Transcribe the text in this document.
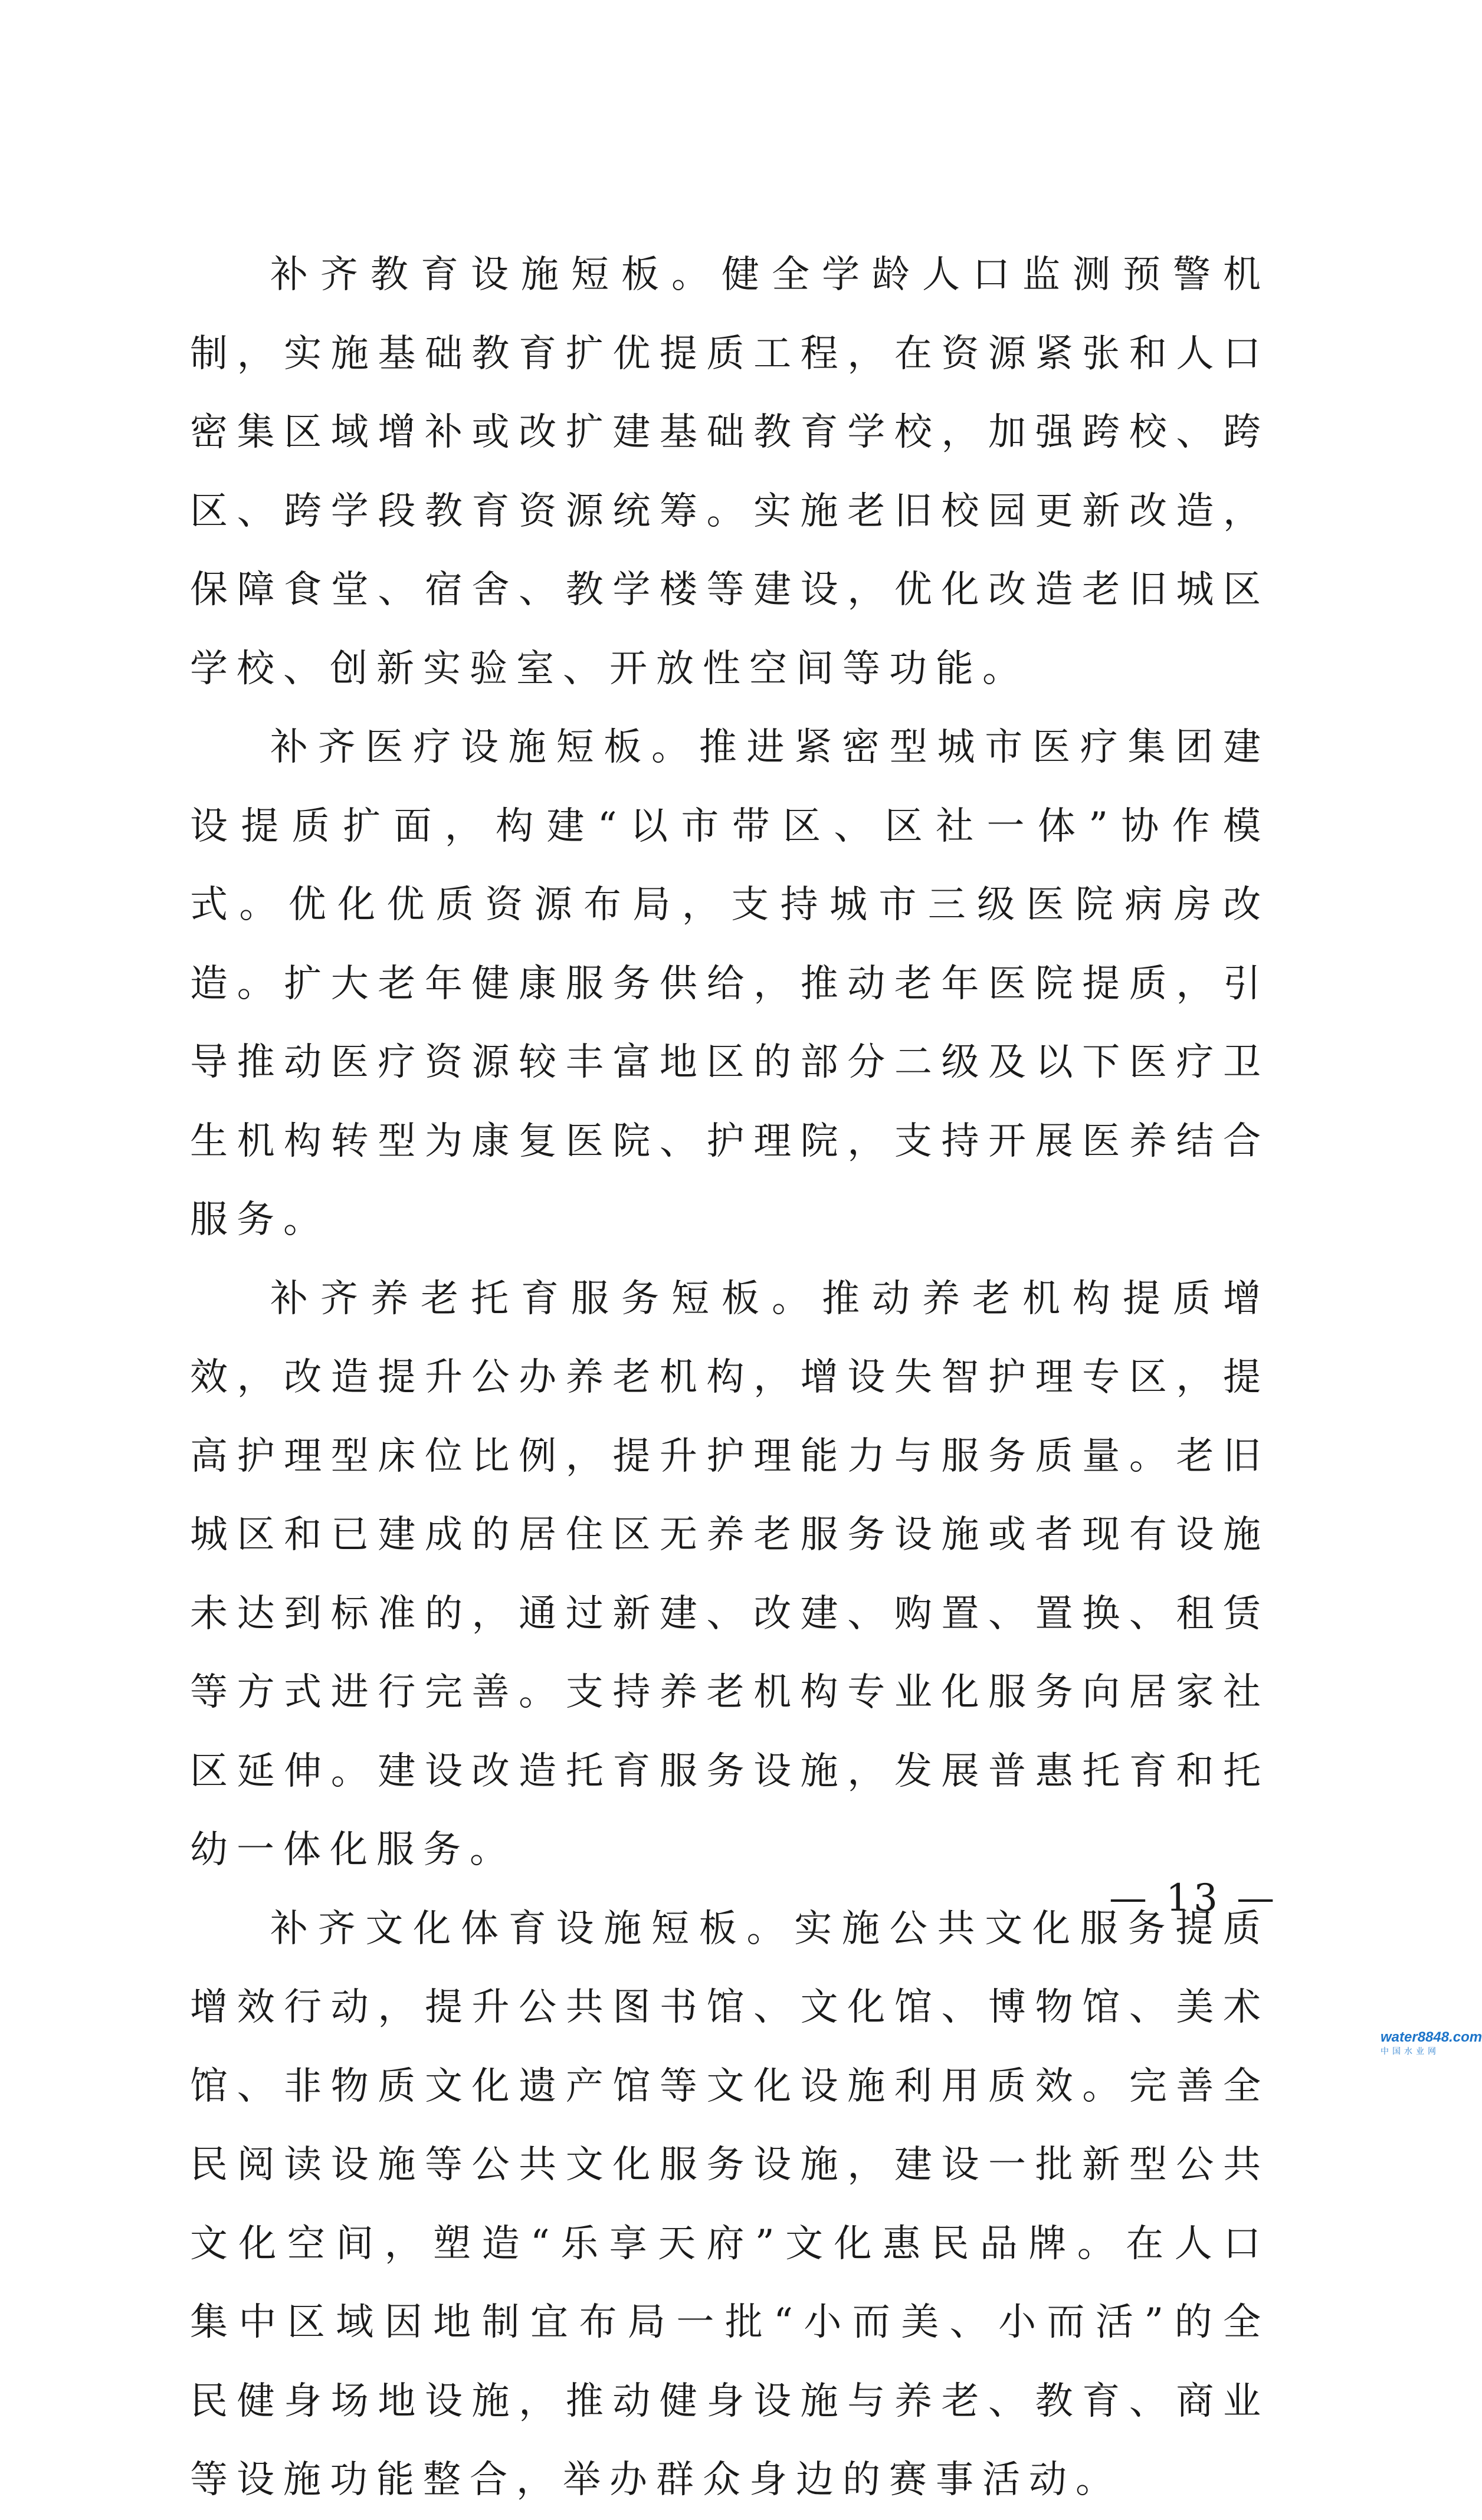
补齐教育设施短板。健全学龄人口监测预警机制，实施基础教育扩优提质工程，在资源紧张和人口密集区域增补或改扩建基础教育学校，加强跨校、跨区、跨学段教育资源统筹。实施老旧校园更新改造，保障食堂、宿舍、教学楼等建设，优化改造老旧城区学校、创新实验室、开放性空间等功能。

补齐医疗设施短板。推进紧密型城市医疗集团建设提质扩面，构建“以市带区、区社一体”协作模式。优化优质资源布局，支持城市三级医院病房改造。扩大老年健康服务供给，推动老年医院提质，引导推动医疗资源较丰富地区的部分二级及以下医疗卫生机构转型为康复医院、护理院，支持开展医养结合服务。

补齐养老托育服务短板。推动养老机构提质增效，改造提升公办养老机构，增设失智护理专区，提高护理型床位比例，提升护理能力与服务质量。老旧城区和已建成的居住区无养老服务设施或者现有设施未达到标准的，通过新建、改建、购置、置换、租赁等方式进行完善。支持养老机构专业化服务向居家社区延伸。建设改造托育服务设施，发展普惠托育和托幼一体化服务。

补齐文化体育设施短板。实施公共文化服务提质增效行动，提升公共图书馆、文化馆、博物馆、美术馆、非物质文化遗产馆等文化设施利用质效。完善全民阅读设施等公共文化服务设施，建设一批新型公共文化空间，塑造“乐享天府”文化惠民品牌。在人口集中区域因地制宜布局一批“小而美、小而活”的全民健身场地设施，推动健身设施与养老、教育、商业等设施功能整合，举办群众身边的赛事活动。

— 13 —
water8848.com
中国水业网
